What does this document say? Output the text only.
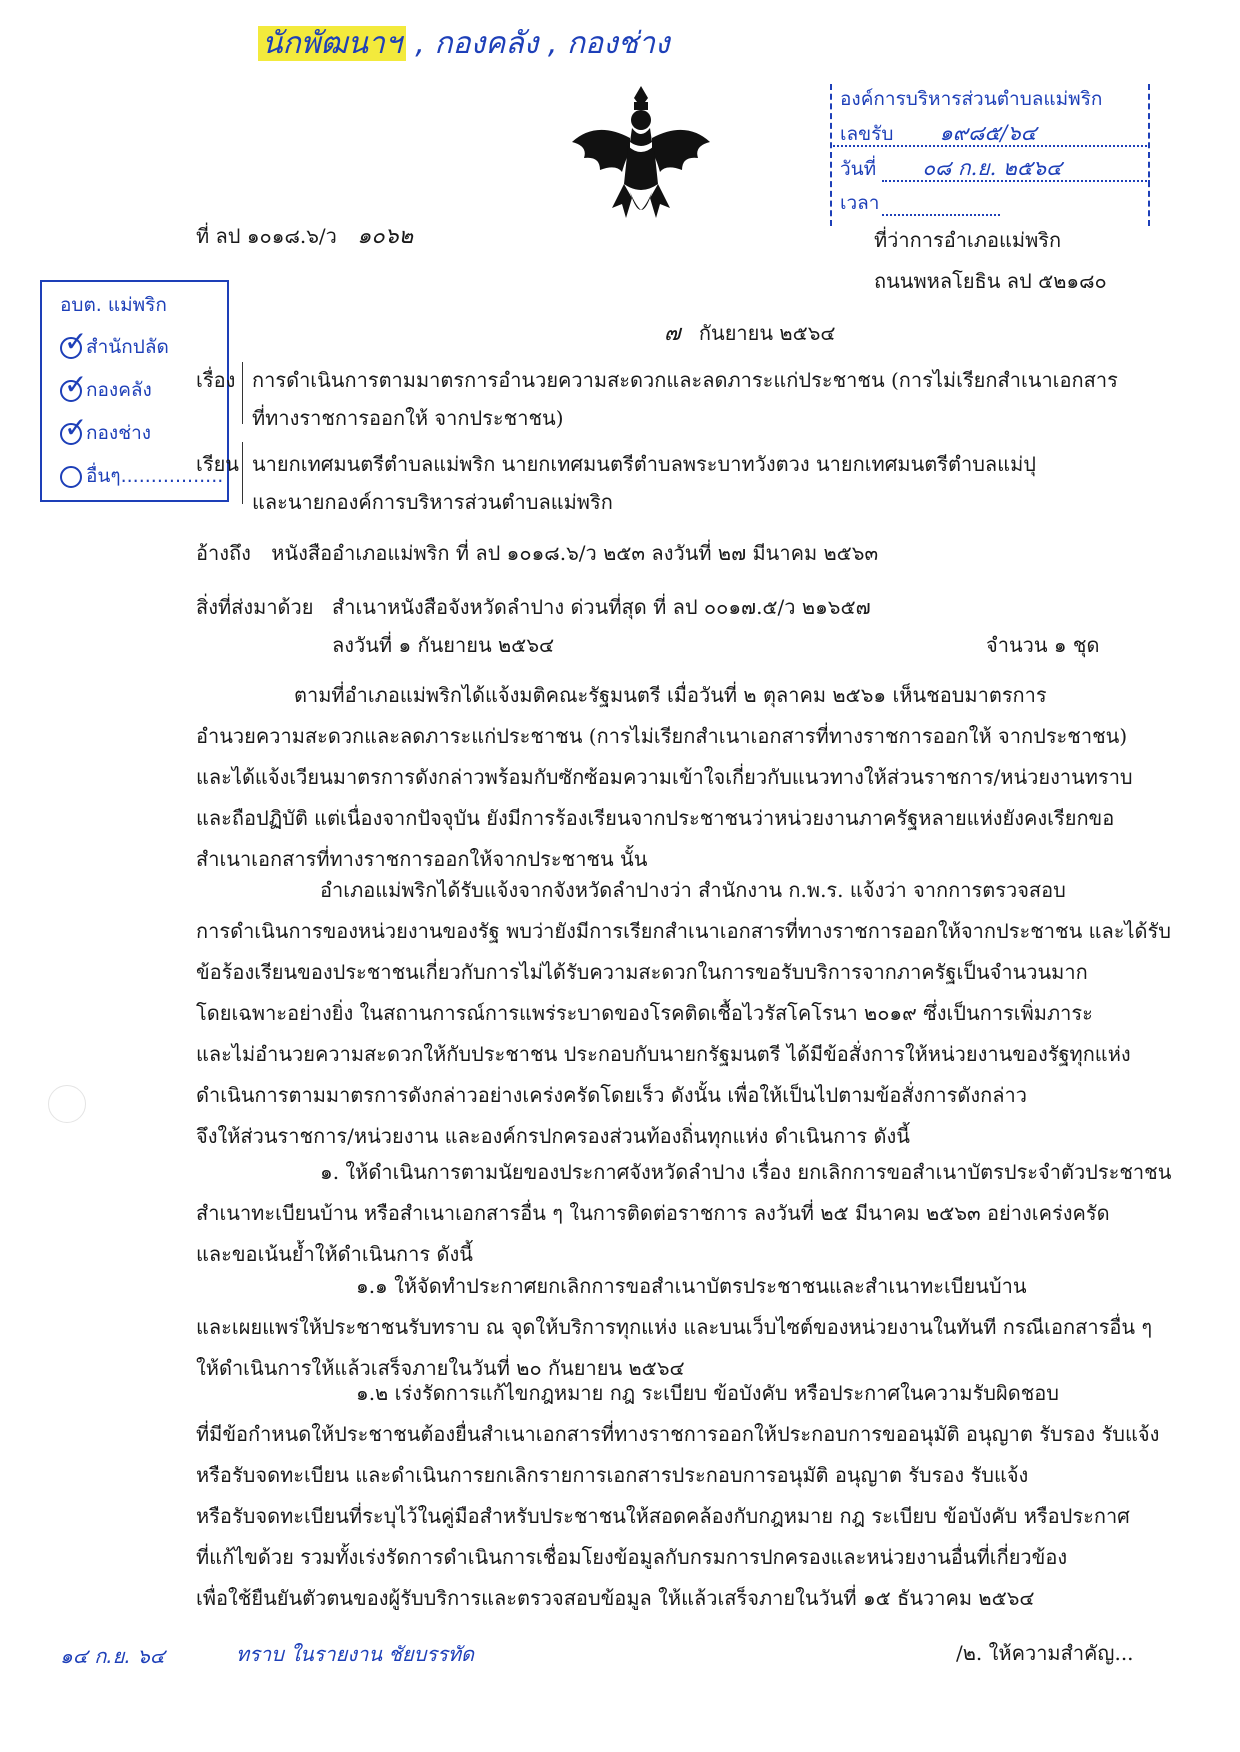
นักพัฒนาฯ , กองคลัง , กองช่าง
องค์การบริหารส่วนตำบลแม่พริก
เลขรับ ๑๙๘๕/๖๔
วันที่ ๐๘ ก.ย. ๒๕๖๔
เวลา
ที่ ลป ๑๐๑๘.๖/ว ๑๐๖๒	ที่ว่าการอำเภอแม่พริก
ถนนพหลโยธิน ลป ๕๒๑๘๐
อบต. แม่พริก
✓
สำนักปลัด
✓
กองคลัง
✓
กองช่าง
อื่นๆ.................
๗ กันยายน ๒๕๖๔
เรื่อง การดำเนินการตามมาตรการอำนวยความสะดวกและลดภาระแก่ประชาชน (การไม่เรียกสำเนาเอกสาร
ที่ทางราชการออกให้ จากประชาชน)
เรียน นายกเทศมนตรีตำบลแม่พริก นายกเทศมนตรีตำบลพระบาทวังตวง นายกเทศมนตรีตำบลแม่ปุ
และนายกองค์การบริหารส่วนตำบลแม่พริก
อ้างถึง หนังสืออำเภอแม่พริก ที่ ลป ๑๐๑๘.๖/ว ๒๕๓ ลงวันที่ ๒๗ มีนาคม ๒๕๖๓
สิ่งที่ส่งมาด้วย สำเนาหนังสือจังหวัดลำปาง ด่วนที่สุด ที่ ลป ๐๐๑๗.๕/ว ๒๑๖๕๗
ลงวันที่ ๑ กันยายน ๒๕๖๔	จำนวน ๑ ชุด
ตามที่อำเภอแม่พริกได้แจ้งมติคณะรัฐมนตรี เมื่อวันที่ ๒ ตุลาคม ๒๕๖๑ เห็นชอบมาตรการ
อำนวยความสะดวกและลดภาระแก่ประชาชน (การไม่เรียกสำเนาเอกสารที่ทางราชการออกให้ จากประชาชน)
และได้แจ้งเวียนมาตรการดังกล่าวพร้อมกับซักซ้อมความเข้าใจเกี่ยวกับแนวทางให้ส่วนราชการ/หน่วยงานทราบ
และถือปฏิบัติ แต่เนื่องจากปัจจุบัน ยังมีการร้องเรียนจากประชาชนว่าหน่วยงานภาครัฐหลายแห่งยังคงเรียกขอ
สำเนาเอกสารที่ทางราชการออกให้จากประชาชน นั้น
อำเภอแม่พริกได้รับแจ้งจากจังหวัดลำปางว่า สำนักงาน ก.พ.ร. แจ้งว่า จากการตรวจสอบ
การดำเนินการของหน่วยงานของรัฐ พบว่ายังมีการเรียกสำเนาเอกสารที่ทางราชการออกให้จากประชาชน และได้รับ
ข้อร้องเรียนของประชาชนเกี่ยวกับการไม่ได้รับความสะดวกในการขอรับบริการจากภาครัฐเป็นจำนวนมาก
โดยเฉพาะอย่างยิ่ง ในสถานการณ์การแพร่ระบาดของโรคติดเชื้อไวรัสโคโรนา ๒๐๑๙ ซึ่งเป็นการเพิ่มภาระ
และไม่อำนวยความสะดวกให้กับประชาชน ประกอบกับนายกรัฐมนตรี ได้มีข้อสั่งการให้หน่วยงานของรัฐทุกแห่ง
ดำเนินการตามมาตรการดังกล่าวอย่างเคร่งครัดโดยเร็ว ดังนั้น เพื่อให้เป็นไปตามข้อสั่งการดังกล่าว
จึงให้ส่วนราชการ/หน่วยงาน และองค์กรปกครองส่วนท้องถิ่นทุกแห่ง ดำเนินการ ดังนี้
๑. ให้ดำเนินการตามนัยของประกาศจังหวัดลำปาง เรื่อง ยกเลิกการขอสำเนาบัตรประจำตัวประชาชน
สำเนาทะเบียนบ้าน หรือสำเนาเอกสารอื่น ๆ ในการติดต่อราชการ ลงวันที่ ๒๕ มีนาคม ๒๕๖๓ อย่างเคร่งครัด
และขอเน้นย้ำให้ดำเนินการ ดังนี้
๑.๑ ให้จัดทำประกาศยกเลิกการขอสำเนาบัตรประชาชนและสำเนาทะเบียนบ้าน
และเผยแพร่ให้ประชาชนรับทราบ ณ จุดให้บริการทุกแห่ง และบนเว็บไซต์ของหน่วยงานในทันที กรณีเอกสารอื่น ๆ
ให้ดำเนินการให้แล้วเสร็จภายในวันที่ ๒๐ กันยายน ๒๕๖๔
๑.๒ เร่งรัดการแก้ไขกฎหมาย กฎ ระเบียบ ข้อบังคับ หรือประกาศในความรับผิดชอบ
ที่มีข้อกำหนดให้ประชาชนต้องยื่นสำเนาเอกสารที่ทางราชการออกให้ประกอบการขออนุมัติ อนุญาต รับรอง รับแจ้ง
หรือรับจดทะเบียน และดำเนินการยกเลิกรายการเอกสารประกอบการอนุมัติ อนุญาต รับรอง รับแจ้ง
หรือรับจดทะเบียนที่ระบุไว้ในคู่มือสำหรับประชาชนให้สอดคล้องกับกฎหมาย กฎ ระเบียบ ข้อบังคับ หรือประกาศ
ที่แก้ไขด้วย รวมทั้งเร่งรัดการดำเนินการเชื่อมโยงข้อมูลกับกรมการปกครองและหน่วยงานอื่นที่เกี่ยวข้อง
เพื่อใช้ยืนยันตัวตนของผู้รับบริการและตรวจสอบข้อมูล ให้แล้วเสร็จภายในวันที่ ๑๕ ธันวาคม ๒๕๖๔
๑๔ ก.ย. ๖๔	ทราบ ในรายงาน ชัยบรรทัด	/๒. ให้ความสำคัญ...
